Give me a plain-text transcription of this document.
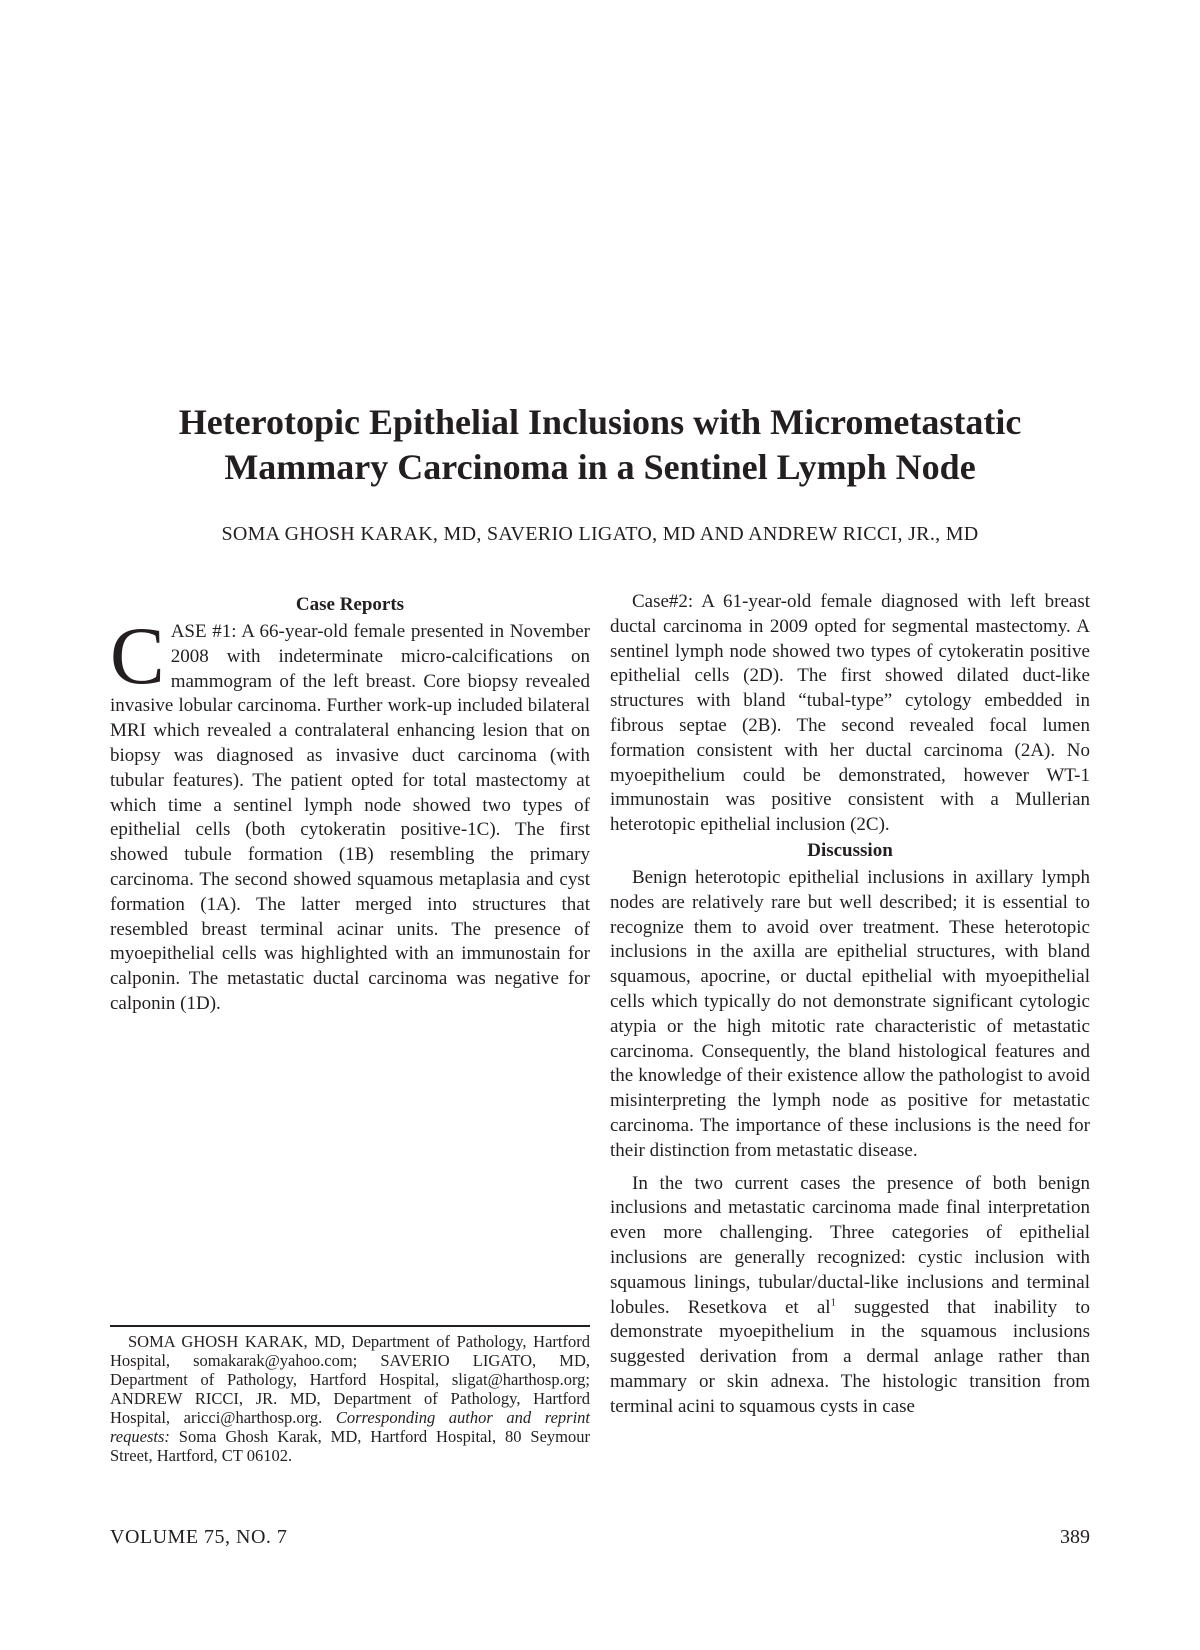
Heterotopic Epithelial Inclusions with Micrometastatic
Mammary Carcinoma in a Sentinel Lymph Node
SOMA GHOSH KARAK, MD, SAVERIO LIGATO, MD AND ANDREW RICCI, JR., MD
Case Reports

CASE #1: A 66-year-old female presented in November 2008 with indeterminate micro-calcifications on mammogram of the left breast. Core biopsy revealed invasive lobular carcinoma. Further work-up included bilateral MRI which revealed a contralateral enhancing lesion that on biopsy was diagnosed as invasive duct carcinoma (with tubular features). The patient opted for total mastectomy at which time a sentinel lymph node showed two types of epithelial cells (both cytokeratin positive-1C). The first showed tubule formation (1B) resembling the primary carcinoma. The second showed squamous metaplasia and cyst formation (1A). The latter merged into structures that resembled breast terminal acinar units. The presence of myoepithelial cells was highlighted with an immunostain for calponin. The metastatic ductal carcinoma was negative for calponin (1D).

Case#2: A 61-year-old female diagnosed with left breast ductal carcinoma in 2009 opted for segmental mastectomy. A sentinel lymph node showed two types of cytokeratin positive epithelial cells (2D). The first showed dilated duct-like structures with bland “tubal-type” cytology embedded in fibrous septae (2B). The second revealed focal lumen formation consistent with her ductal carcinoma (2A). No myoepithelium could be demonstrated, however WT-1 immunostain was positive consistent with a Mullerian heterotopic epithelial inclusion (2C).

Discussion

Benign heterotopic epithelial inclusions in axillary lymph nodes are relatively rare but well described; it is essential to recognize them to avoid over treatment. These heterotopic inclusions in the axilla are epithelial structures, with bland squamous, apocrine, or ductal epithelial with myoepithelial cells which typically do not demonstrate significant cytologic atypia or the high mitotic rate characteristic of metastatic carcinoma. Consequently, the bland histological features and the knowledge of their existence allow the pathologist to avoid misinterpreting the lymph node as positive for metastatic carcinoma. The importance of these inclusions is the need for their distinction from metastatic disease.

In the two current cases the presence of both benign inclusions and metastatic carcinoma made final interpretation even more challenging. Three categories of epithelial inclusions are generally recognized: cystic inclusion with squamous linings, tubular/ductal-like inclusions and terminal lobules. Resetkova et $al^1$ suggested that inability to demonstrate myoepithelium in the squamous inclusions suggested derivation from a dermal anlage rather than mammary or skin adnexa. The histologic transition from terminal acini to squamous cysts in case

SOMA GHOSH KARAK, MD, Department of Pathology, Hartford Hospital, somakarak@yahoo.com; SAVERIO LIGATO, MD, Department of Pathology, Hartford Hospital, sligat@harthosp.org; ANDREW RICCI, JR. MD, Department of Pathology, Hartford Hospital, aricci@harthosp.org. Corresponding author and reprint requests: Soma Ghosh Karak, MD, Hartford Hospital, 80 Seymour Street, Hartford, CT 06102.
VOLUME 75, NO. 7	389
